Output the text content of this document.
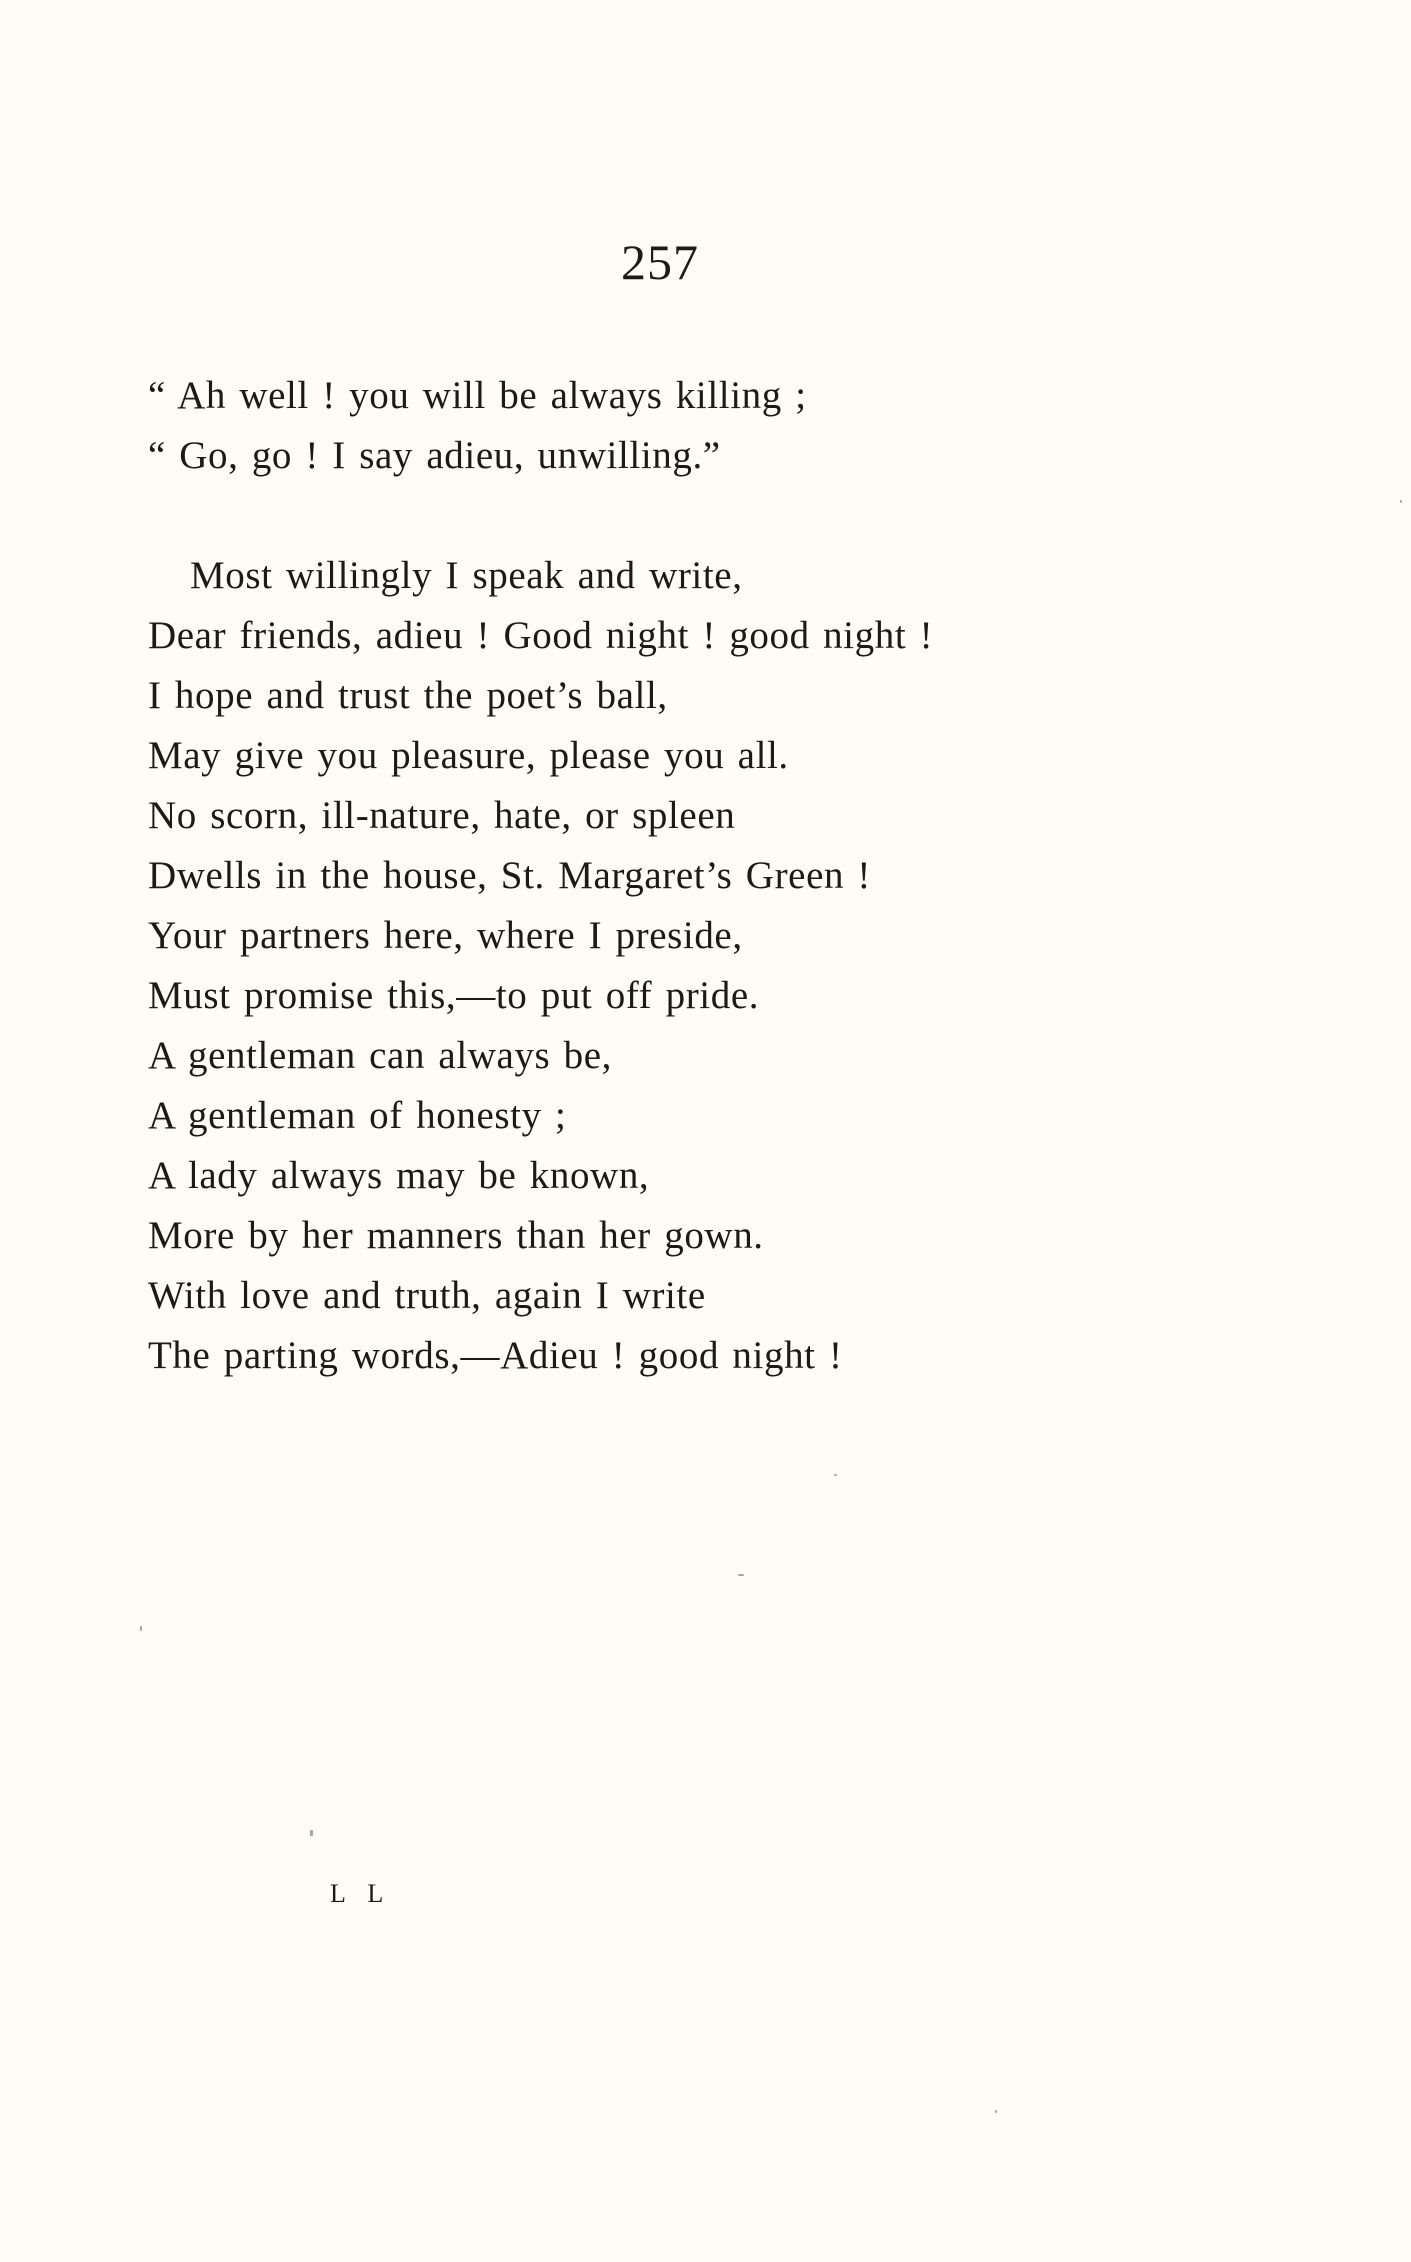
257
“ Ah well ! you will be always killing ;
“ Go, go ! I say adieu, unwilling.”
Most willingly I speak and write,
Dear friends, adieu ! Good night ! good night !
I hope and trust the poet’s ball,
May give you pleasure, please you all.
No scorn, ill-nature, hate, or spleen
Dwells in the house, St. Margaret’s Green !
Your partners here, where I preside,
Must promise this,—to put off pride.
A gentleman can always be,
A gentleman of honesty ;
A lady always may be known,
More by her manners than her gown.
With love and truth, again I write
The parting words,—Adieu ! good night !
L L
